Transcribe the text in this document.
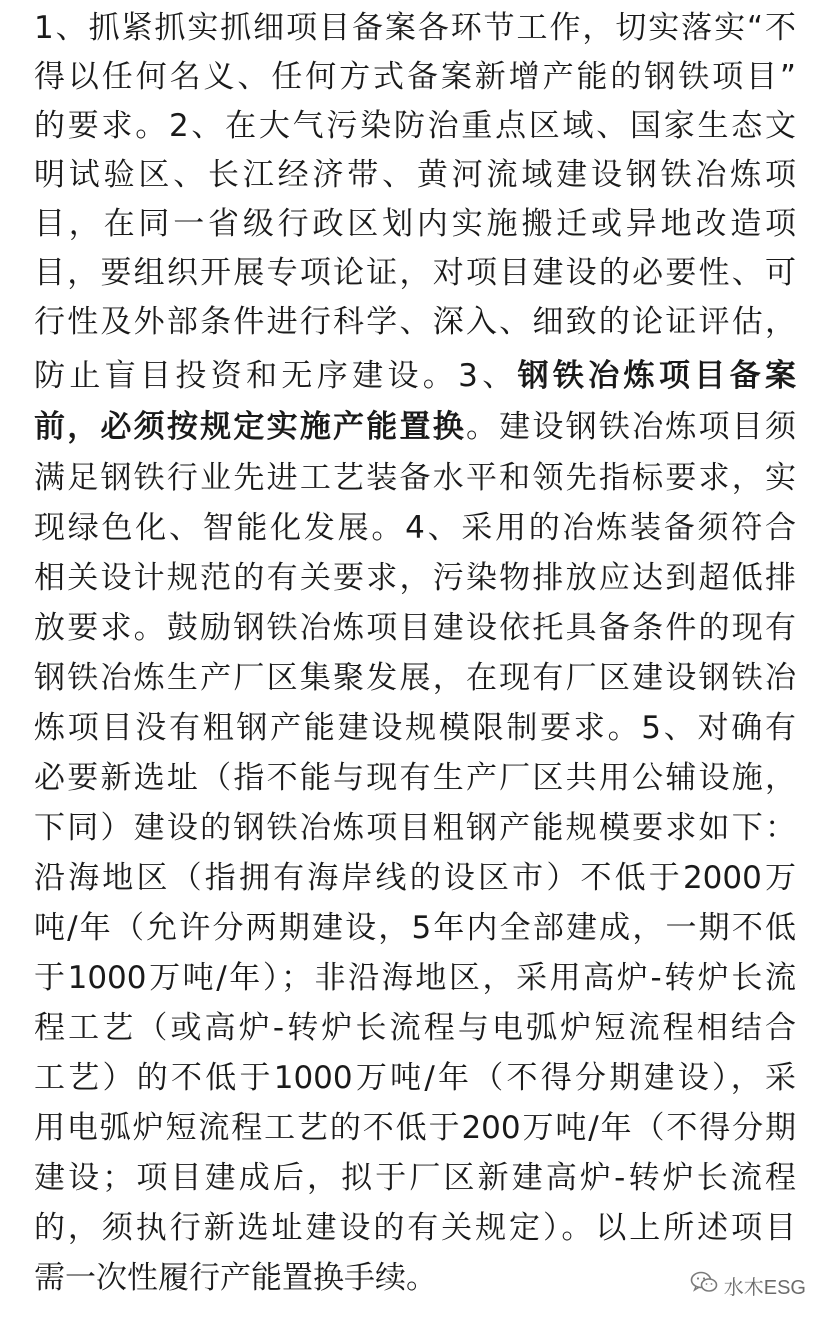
1、抓紧抓实抓细项目备案各环节工作，切实落实“不
得以任何名义、任何方式备案新增产能的钢铁项目”
的要求。2、在大气污染防治重点区域、国家生态文
明试验区、长江经济带、黄河流域建设钢铁冶炼项
目，在同一省级行政区划内实施搬迁或异地改造项
目，要组织开展专项论证，对项目建设的必要性、可
行性及外部条件进行科学、深入、细致的论证评估，
防止盲目投资和无序建设。3、钢铁冶炼项目备案
前，必须按规定实施产能置换。建设钢铁冶炼项目须
满足钢铁行业先进工艺装备水平和领先指标要求，实
现绿色化、智能化发展。4、采用的冶炼装备须符合
相关设计规范的有关要求，污染物排放应达到超低排
放要求。鼓励钢铁冶炼项目建设依托具备条件的现有
钢铁冶炼生产厂区集聚发展，在现有厂区建设钢铁冶
炼项目没有粗钢产能建设规模限制要求。5、对确有
必要新选址（指不能与现有生产厂区共用公辅设施，
下同）建设的钢铁冶炼项目粗钢产能规模要求如下：
沿海地区（指拥有海岸线的设区市）不低于2000万
吨/年（允许分两期建设，5年内全部建成，一期不低
于1000万吨/年）；非沿海地区，采用高炉-转炉长流
程工艺（或高炉-转炉长流程与电弧炉短流程相结合
工艺）的不低于1000万吨/年（不得分期建设），采
用电弧炉短流程工艺的不低于200万吨/年（不得分期
建设；项目建成后，拟于厂区新建高炉-转炉长流程
的，须执行新选址建设的有关规定）。以上所述项目
需一次性履行产能置换手续。	水木ESG
